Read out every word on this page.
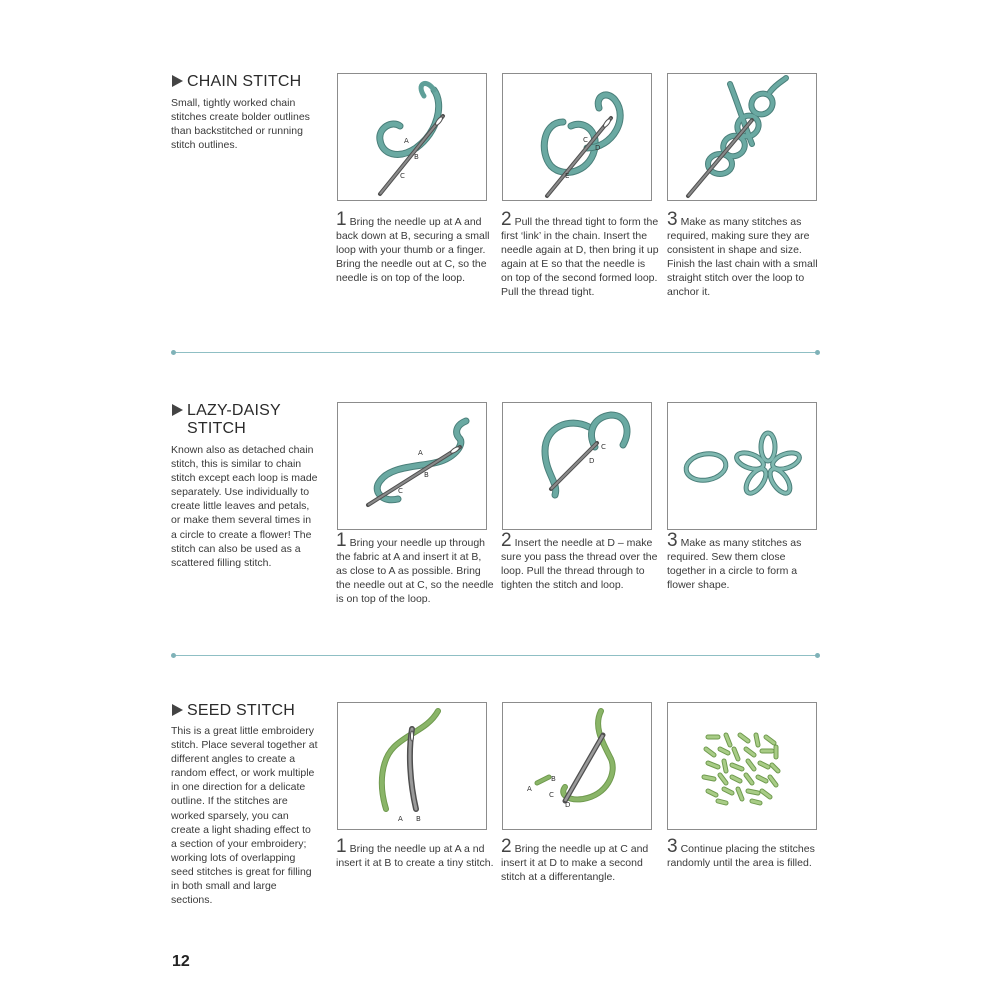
CHAIN STITCH
Small, tightly worked chain stitches create bolder outlines than backstitched or running stitch outlines.	A
B
C
C
D
E
1 Bring the needle up at A and back down at B, securing a small loop with your thumb or a finger. Bring the needle out at C, so the needle is on top of the loop.
2 Pull the thread tight to form the first ‘link’ in the chain. Insert the needle again at D, then bring it up again at E so that the needle is on top of the second formed loop. Pull the thread tight.
3 Make as many stitches as required, making sure they are consistent in shape and size. Finish the last chain with a small straight stitch over the loop to anchor it.
LAZY-DAISY STITCH
Known also as detached chain stitch, this is similar to chain stitch except each loop is made separately. Use individually to create little leaves and petals, or make them several times in a circle to create a flower! The stitch can also be used as a scattered filling stitch.
A
B
C
C
D
1 Bring your needle up through the fabric at A and insert it at B, as close to A as possible. Bring the needle out at C, so the needle is on top of the loop.
2 Insert the needle at D – make sure you pass the thread over the loop. Pull the thread through to tighten the stitch and loop.
3 Make as many stitches as required. Sew them close together in a circle to form a flower shape.
SEED STITCH
This is a great little embroidery stitch. Place several together at different angles to create a random effect, or work multiple in one direction for a delicate outline. If the stitches are worked sparsely, you can create a light shading effect to a section of your embroidery; working lots of overlapping seed stitches is great for filling in both small and large sections.
A B
A
B
C
D
1 Bring the needle up at A a nd insert it at B to create a tiny stitch.
2 Bring the needle up at C and insert it at D to make a second stitch at a differentangle.
3 Continue placing the stitches randomly until the area is filled.
12
